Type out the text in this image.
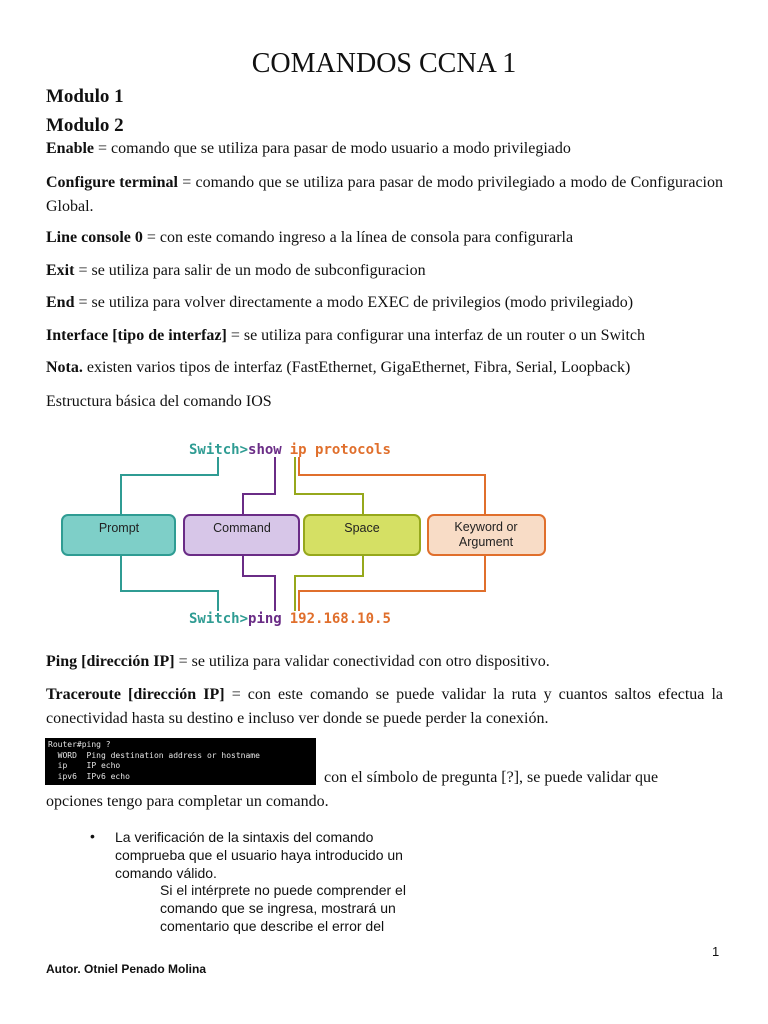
COMANDOS CCNA 1
Modulo 1
Modulo 2
Enable = comando que se utiliza para pasar de modo usuario a modo privilegiado
Configure terminal = comando que se utiliza para pasar de modo privilegiado a modo de Configuracion Global.
Line console 0 = con este comando ingreso a la línea de consola para configurarla
Exit = se utiliza para salir de un modo de subconfiguracion
End = se utiliza para volver directamente a modo EXEC de privilegios (modo privilegiado)
Interface [tipo de interfaz] = se utiliza para configurar una interfaz de un router o un Switch
Nota. existen varios tipos de interfaz (FastEthernet, GigaEthernet, Fibra, Serial, Loopback)
Estructura básica del comando IOS
Prompt	Command	Space	Keyword or
Argument
Switch>show ip protocols
Switch>ping 192.168.10.5
Ping [dirección IP] = se utiliza para validar conectividad con otro dispositivo.
Traceroute [dirección IP] = con este comando se puede validar la ruta y cuantos saltos efectua la conectividad hasta su destino e incluso ver donde se puede perder la conexión.
Router#ping ?
WORD  Ping destination address or hostname
ip    IP echo
ipv6  IPv6 echo	con el símbolo de pregunta [?], se puede validar que
opciones tengo para completar un comando.
• La verificación de la sintaxis del comando comprueba que el usuario haya introducido un comando válido.
Si el intérprete no puede comprender el comando que se ingresa, mostrará un comentario que describe el error del
1
Autor. Otniel Penado Molina
